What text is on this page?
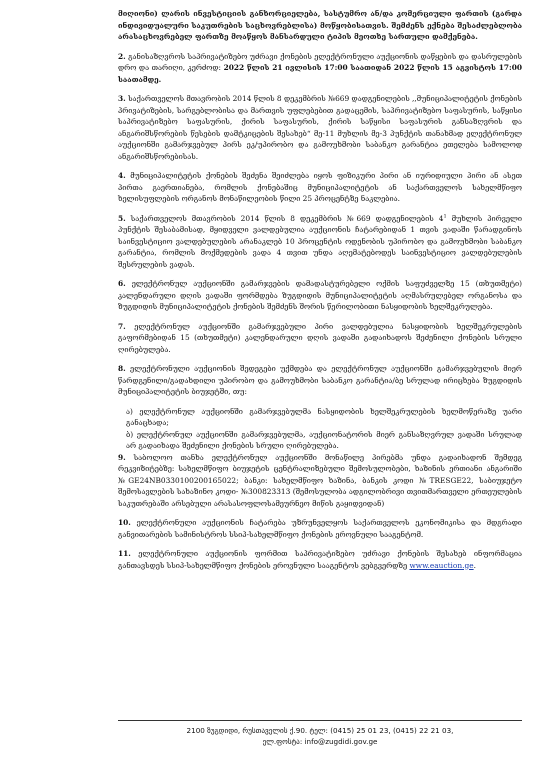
მიღიონი) ლარის ინვესტიციის განხორციელება, სასტუმრო ან/და კომერციული ფართის (გარდა ინდივიდუალური საკუთრების საცხოვრებლისა) მოწყობისათვის. შემძენს ექნება შესაძლებლობა არასაცხოვრებელ ფართზე მოაწყოს მანსარდული ტიპის მეოთხე სართული დამქენება.

2. განისაზღვროს საპრივატიზებო უძრავი ქონების ელექტრონული აუქციონის დაწყების და დასრულების დრო და თარიღი, კერძოდ: 2022 წლის 21 ივლისის 17:00 საათიდან 2022 წლის 15 აგვისტოს 17:00 საათამდე.

3. საქართველოს მთავრობის 2014 წლის 8 დეკემბრის №669 დადგენილების ,,მუნიციპალიტეტის ქონების პრივატიზების, სარგებლობისა და მართვის უფლებებით გადაცემის, საპრივატიზებო საფასურის, საწყისი საპრივატიზებო საფასურის, ქირის საფასურის, ქირის საწყისი საფასურის განსაზღვრის და ანგარიშსწორების წესების დამტკიცების შესახებ“ მე-11 მუხლის მე-3 პუნქტის თანახმად ელექტრონულ აუქციონში გამარჯვებულ პირს ეკ/უპირობო და გამოუხმობი საბანკო გარანტია ეთელება სამოლოდ ანგარიშსწორებისას.

4. მუნიციპალიტეტის ქონების შეძენა შეიძლება იყოს ფიზიკური პირი ან იურიდიული პირი ან ასეთ პირთა გაერთიანება, რომლის ქონებაშიც მუნიციპალიტეტის ან საქართველოს სახელმწიფო ხელისუფლების ორგანოს მონაწილეობის წილი 25 პროცენტზე ნაკლებია.

5. საქართველოს მთავრობის 2014 წლის 8 დეკემბრის №669 დადგენილების $4^1$ მუხლის პირველი პუნქტის შესაბამისად, მყიდველი ვალდებულია აუქციონის ჩატარებიდან 1 თვის ვადაში წარადგინოს საინვესტიციო ვალდებულების არანაკლებ 10 პროცენტის ოდენობის უპირობო და გამოუხმობი საბანკო გარანტია, რომლის მოქმედების ვადა 4 თვით უნდა აღემატებოდეს საინვესტიციო ვალდებულების შესრულების ვადას.

6. ელექტრონულ აუქციონში გამარჯვების დამადასტურებელი ოქმის საფუძველზე 15 (თხუთმეტი) კალენდარული დღის ვადაში ფორმდება ზუგდიდის მუნიციპალიტეტის აღმასრულებელ ორგანოსა და ზუგდიდის მუნიციპალიტეტის ქონების შემძენს შორის წერილობითი ნასყიდობის ხელშეკრულება.

7. ელექტრონულ აუქციონში გამარჯვებული პირი ვალდებულია ნასყიდობის ხელშეკრულების გაფორმებიდან 15 (თხუთმეტი) კალენდარული დღის ვადაში გადაიხადოს შეძენილი ქონების სრული ღირებულება.

8. ელექტრონული აუქციონის შედეგები უქმდება და ელექტრონულ აუქციონში გამარჯვებულის მიერ წარდგენილი/გადახდილი უპირობო და გამოუხმობი საბანკო გარანტია/ბე სრულად ირიცხება ზუგდიდის მუნიციპალიტეტის ბიუჯეტში, თუ:

ა) ელექტრონულ აუქციონში გამარჯვებულმა ნასყიდობის ხელშეკრულების ხელმოწერაზე უარი განაცხადა;

ბ) ელექტრონულ აუქციონში გამარჯვებულმა, აუქციონატორის მიერ განსაზღვრულ ვადაში სრულად არ გადაიხადა შეძენილი ქონების სრული ღირებულება.

9. საბოლოო თანხა ელექტრონულ აუქციონში მონაწილე პირებმა უნდა გადაიხადონ შემდეგ რეკვიზიტებზე: სახელმწიფო ბიუჯეტის ცენტრალიზებული შემოსულობები, ხაზინის ერთიანი ანგარიში №GE24NB0330100200165022; ბანკი: სახელმწიფო ხაზინა, ბანკის კოდი №TRESGE22, საბიუჯეტო შემოსავლების სახაზინო კოდი- №300823313 (შემოსულობა ადგილობრივი თვითმართველი ერთეულების საკუთრებაში არსებული არასასოფლოსამეურნეო მიწის გაყიდვიდან)

10. ელექტრონული აუქციონის ჩატარება უზრუნველყოს საქართველოს ეკონომიკისა და მდგრადი განვითარების სამინისტროს სსიპ-სახელმწიფო ქონების ეროვნული სააგენტომ.

11. ელექტრონული აუქციონის ფორმით საპრივატიზებო უძრავი ქონების შესახებ ინფორმაცია განთავსდეს სსიპ-სახელმწიფო ქონების ეროვნული სააგენტოს ვებგვერდზე www.eauction.ge.

2100 ზუგდიდი, რუსთაველის ქ.90. ტელ: (0415) 25 01 23, (0415) 22 21 03,
ელ.ფოსტა: info@zugdidi.gov.ge
